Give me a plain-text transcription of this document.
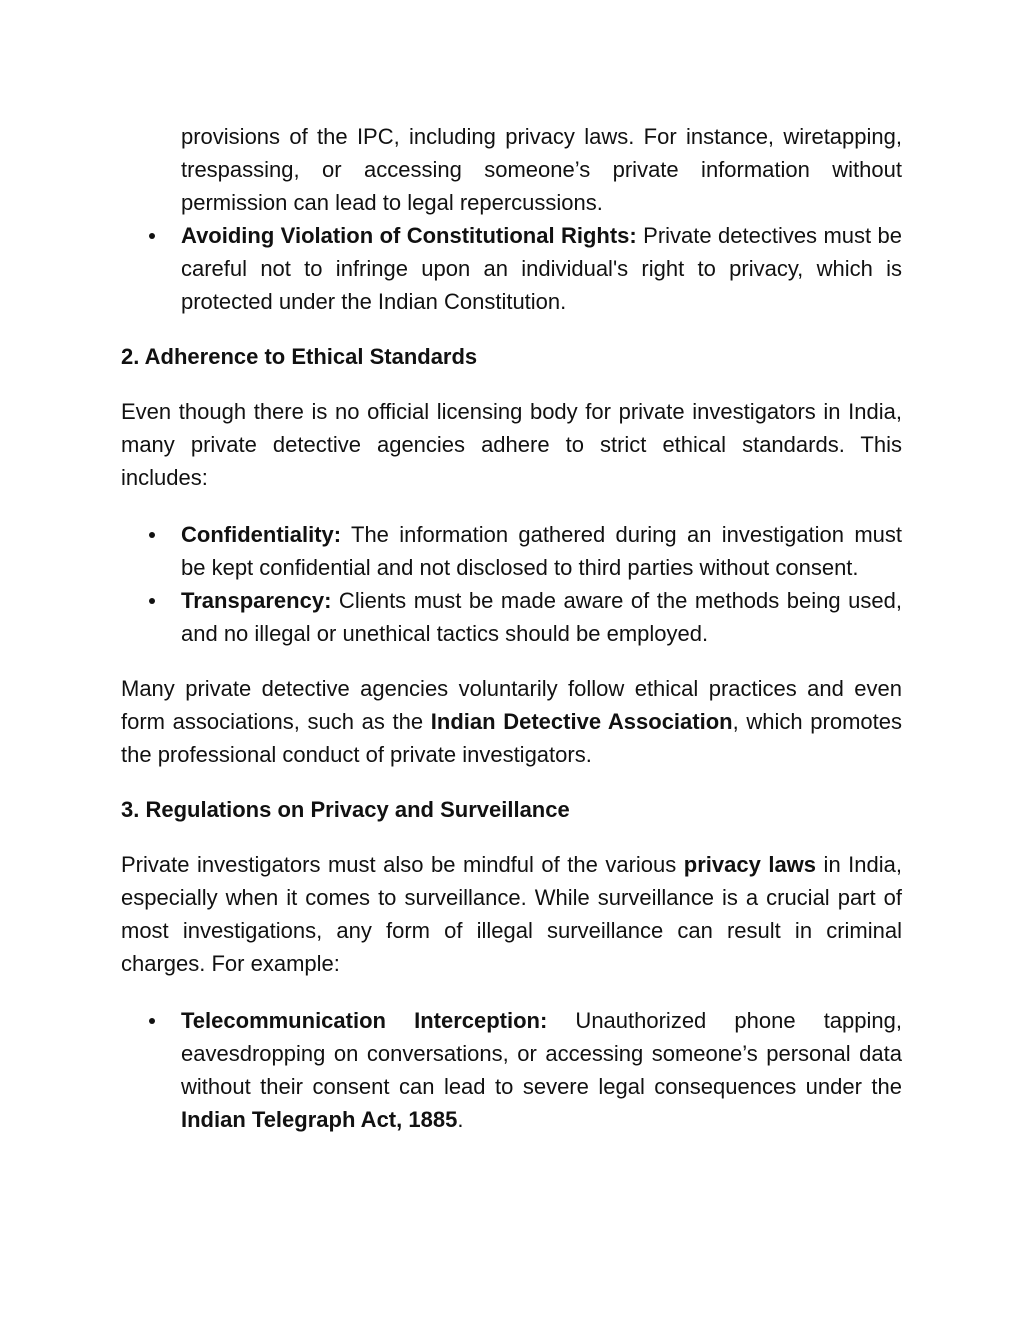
provisions of the IPC, including privacy laws. For instance, wiretapping, trespassing, or accessing someone’s private information without permission can lead to legal repercussions.

Avoiding Violation of Constitutional Rights: Private detectives must be careful not to infringe upon an individual's right to privacy, which is protected under the Indian Constitution.

2. Adherence to Ethical Standards

Even though there is no official licensing body for private investigators in India, many private detective agencies adhere to strict ethical standards. This includes:

Confidentiality: The information gathered during an investigation must be kept confidential and not disclosed to third parties without consent.
Transparency: Clients must be made aware of the methods being used, and no illegal or unethical tactics should be employed.

Many private detective agencies voluntarily follow ethical practices and even form associations, such as the Indian Detective Association, which promotes the professional conduct of private investigators.

3. Regulations on Privacy and Surveillance

Private investigators must also be mindful of the various privacy laws in India, especially when it comes to surveillance. While surveillance is a crucial part of most investigations, any form of illegal surveillance can result in criminal charges. For example:

Telecommunication Interception: Unauthorized phone tapping, eavesdropping on conversations, or accessing someone’s personal data without their consent can lead to severe legal consequences under the Indian Telegraph Act, 1885.
